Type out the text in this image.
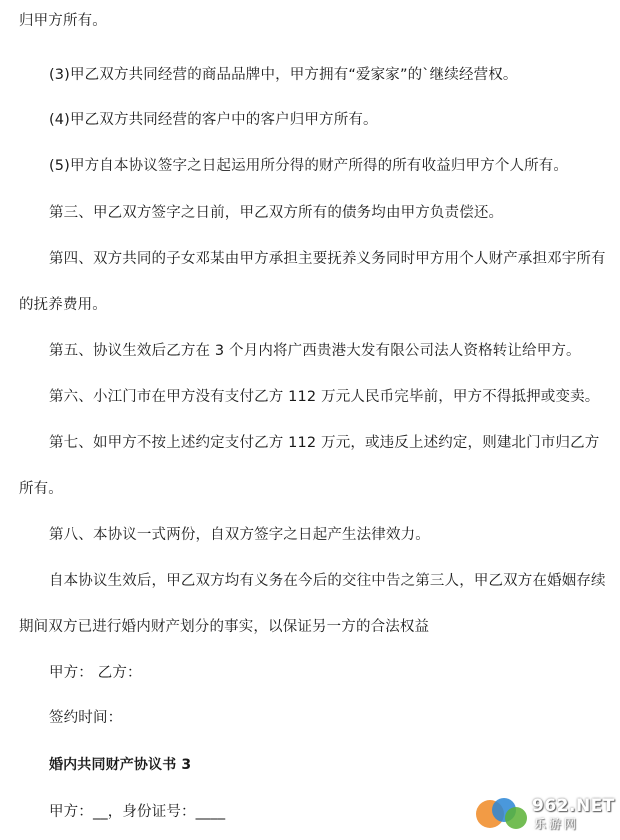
归甲方所有。
(3)甲乙双方共同经营的商品品牌中，甲方拥有“爱家家”的`继续经营权。
(4)甲乙双方共同经营的客户中的客户归甲方所有。
(5)甲方自本协议签字之日起运用所分得的财产所得的所有收益归甲方个人所有。
第三、甲乙双方签字之日前，甲乙双方所有的债务均由甲方负责偿还。
第四、双方共同的子女邓某由甲方承担主要抚养义务同时甲方用个人财产承担邓宇所有
的抚养费用。
第五、协议生效后乙方在 3 个月内将广西贵港大发有限公司法人资格转让给甲方。
第六、小江门市在甲方没有支付乙方 112 万元人民币完毕前，甲方不得抵押或变卖。
第七、如甲方不按上述约定支付乙方 112 万元，或违反上述约定，则建北门市归乙方
所有。
第八、本协议一式两份，自双方签字之日起产生法律效力。
自本协议生效后，甲乙双方均有义务在今后的交往中告之第三人，甲乙双方在婚姻存续
期间双方已进行婚内财产划分的事实，以保证另一方的合法权益
甲方： 乙方：
签约时间：
婚内共同财产协议书 3
甲方：__，身份证号：____	962.NET
乐游网
